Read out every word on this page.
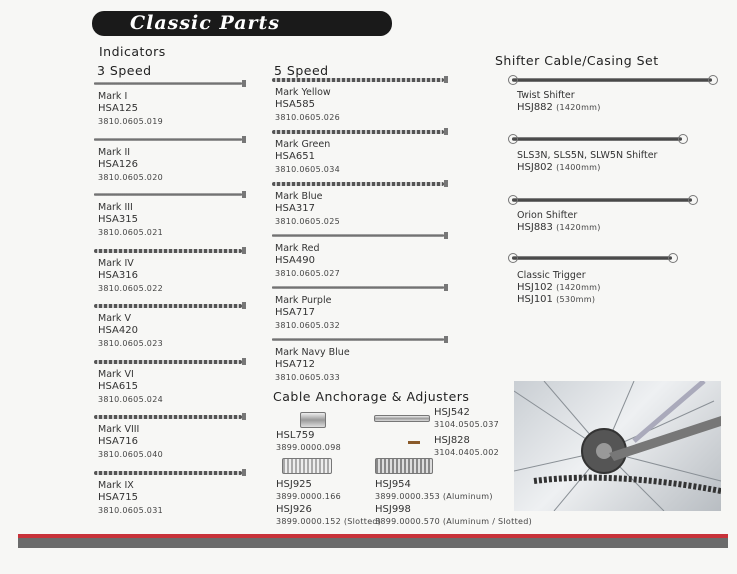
Classic Parts
Indicators
3 Speed	5 Speed
Shifter Cable/Casing Set
Cable Anchorage & Adjusters
Mark I
HSA125
3810.0605.019
Mark II
HSA126
3810.0605.020
Mark III
HSA315
3810.0605.021
Mark IV
HSA316
3810.0605.022
Mark V
HSA420
3810.0605.023
Mark VI
HSA615
3810.0605.024
Mark VIII
HSA716
3810.0605.040
Mark IX
HSA715
3810.0605.031
Mark Yellow
HSA585
3810.0605.026
Mark Green
HSA651
3810.0605.034
Mark Blue
HSA317
3810.0605.025
Mark Red
HSA490
3810.0605.027
Mark Purple
HSA717
3810.0605.032
Mark Navy Blue
HSA712
3810.0605.033
Twist Shifter
HSJ882 (1420mm)
SLS3N, SLS5N, SLW5N Shifter
HSJ802 (1400mm)
Orion Shifter
HSJ883 (1420mm)
Classic Trigger
HSJ102 (1420mm)
HSJ101 (530mm)
HSL759
3899.0000.098
HSJ542
3104.0505.037
HSJ828
3104.0405.002
HSJ925
3899.0000.166
HSJ926
3899.0000.152 (Slotted)
HSJ954
3899.0000.353 (Aluminum)
HSJ998
3899.0000.570 (Aluminum / Slotted)
